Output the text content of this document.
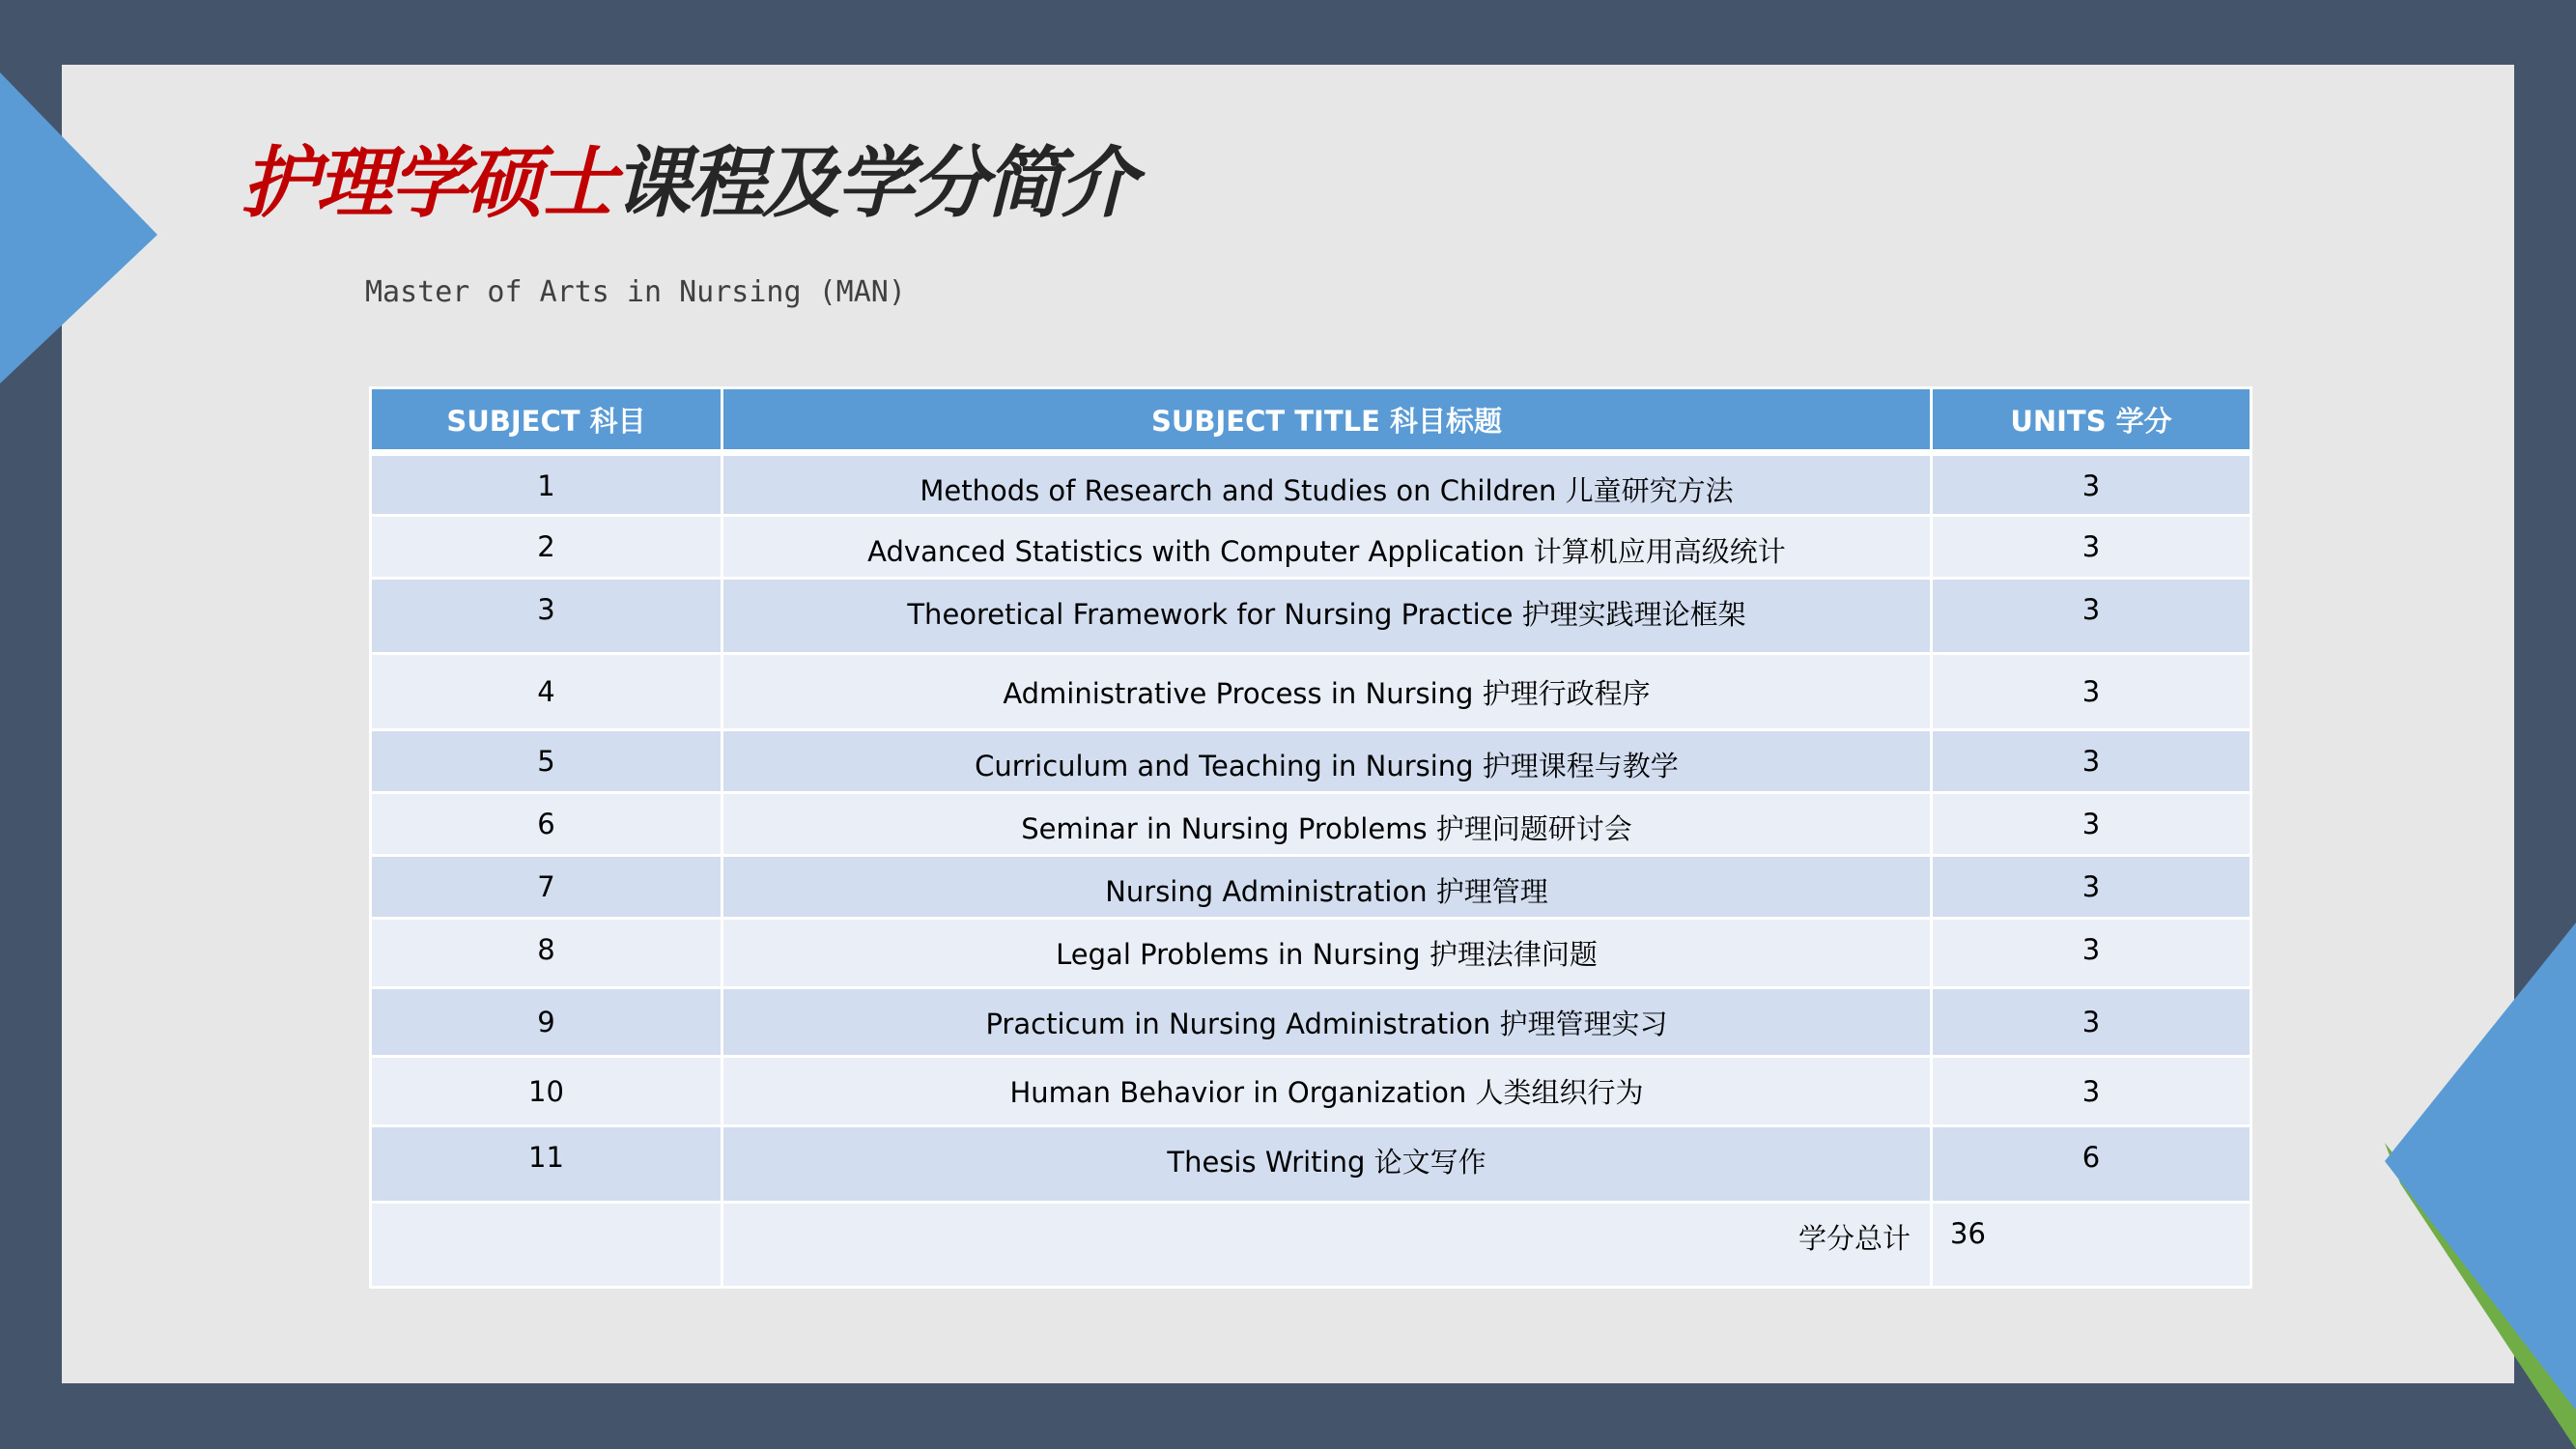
护理学硕士课程及学分简介
Master of Arts in Nursing (MAN)
SUBJECT 科目	SUBJECT TITLE 科目标题	UNITS 学分

1	Methods of Research and Studies on Children 儿童研究方法	3

2	Advanced Statistics with Computer Application 计算机应用高级统计	3

3	Theoretical Framework for Nursing Practice 护理实践理论框架	3

4	Administrative Process in Nursing 护理行政程序	3

5	Curriculum and Teaching in Nursing 护理课程与教学	3

6	Seminar in Nursing Problems 护理问题研讨会	3

7	Nursing Administration 护理管理	3

8	Legal Problems in Nursing 护理法律问题	3

9	Practicum in Nursing Administration 护理管理实习	3

10	Human Behavior in Organization 人类组织行为	3

11	Thesis Writing 论文写作	6

	学分总计	36
